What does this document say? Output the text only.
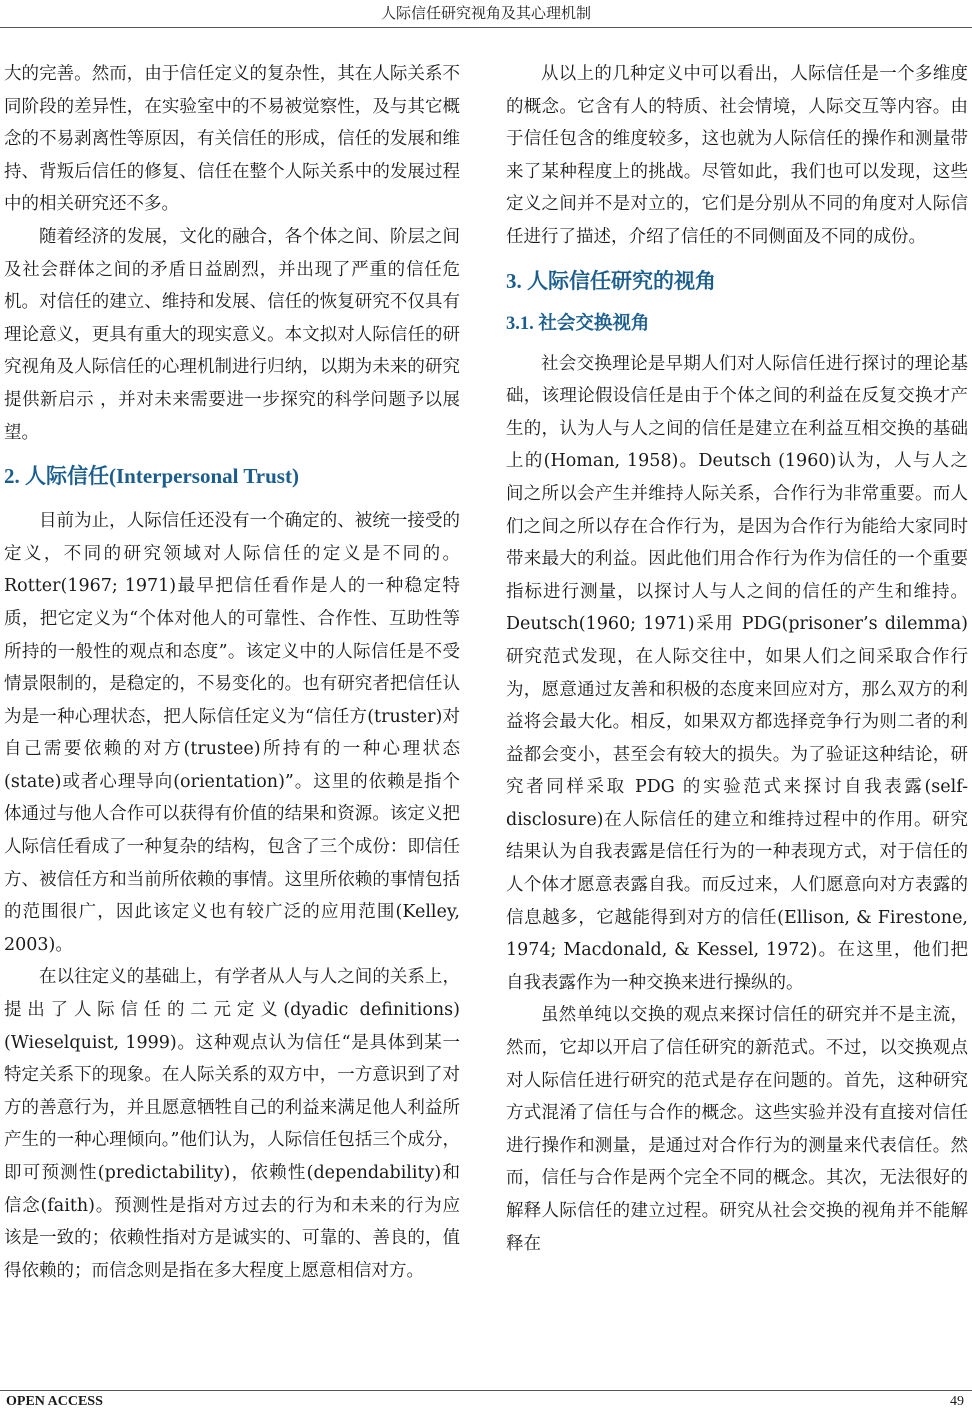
人际信任研究视角及其心理机制

大的完善。然而，由于信任定义的复杂性，其在人际关系不同阶段的差异性，在实验室中的不易被觉察性，及与其它概念的不易剥离性等原因，有关信任的形成，信任的发展和维持、背叛后信任的修复、信任在整个人际关系中的发展过程中的相关研究还不多。

随着经济的发展，文化的融合，各个体之间、阶层之间及社会群体之间的矛盾日益剧烈，并出现了严重的信任危机。对信任的建立、维持和发展、信任的恢复研究不仅具有理论意义，更具有重大的现实意义。本文拟对人际信任的研究视角及人际信任的心理机制进行归纳，以期为未来的研究提供新启示 ，并对未来需要进一步探究的科学问题予以展望。

2. 人际信任(Interpersonal Trust)

目前为止，人际信任还没有一个确定的、被统一接受的定义，不同的研究领域对人际信任的定义是不同的。Rotter(1967; 1971)最早把信任看作是人的一种稳定特质，把它定义为“个体对他人的可靠性、合作性、互助性等所持的一般性的观点和态度”。该定义中的人际信任是不受情景限制的，是稳定的，不易变化的。也有研究者把信任认为是一种心理状态，把人际信任定义为“信任方(truster)对自己需要依赖的对方(trustee)所持有的一种心理状态(state)或者心理导向(orientation)”。这里的依赖是指个体通过与他人合作可以获得有价值的结果和资源。该定义把人际信任看成了一种复杂的结构，包含了三个成份：即信任方、被信任方和当前所依赖的事情。这里所依赖的事情包括的范围很广，因此该定义也有较广泛的应用范围(Kelley, 2003)。

在以往定义的基础上，有学者从人与人之间的关系上，提出了人际信任的二元定义(dyadic definitions) (Wieselquist, 1999)。这种观点认为信任“是具体到某一特定关系下的现象。在人际关系的双方中，一方意识到了对方的善意行为，并且愿意牺牲自己的利益来满足他人利益所产生的一种心理倾向。”他们认为，人际信任包括三个成分，即可预测性(predictability)，依赖性(dependability)和信念(faith)。预测性是指对方过去的行为和未来的行为应该是一致的；依赖性指对方是诚实的、可靠的、善良的，值得依赖的；而信念则是指在多大程度上愿意相信对方。

从以上的几种定义中可以看出，人际信任是一个多维度的概念。它含有人的特质、社会情境，人际交互等内容。由于信任包含的维度较多，这也就为人际信任的操作和测量带来了某种程度上的挑战。尽管如此，我们也可以发现，这些定义之间并不是对立的，它们是分别从不同的角度对人际信任进行了描述，介绍了信任的不同侧面及不同的成份。

3. 人际信任研究的视角
3.1. 社会交换视角

社会交换理论是早期人们对人际信任进行探讨的理论基础，该理论假设信任是由于个体之间的利益在反复交换才产生的，认为人与人之间的信任是建立在利益互相交换的基础上的(Homan, 1958)。Deutsch (1960)认为，人与人之间之所以会产生并维持人际关系，合作行为非常重要。而人们之间之所以存在合作行为，是因为合作行为能给大家同时带来最大的利益。因此他们用合作行为作为信任的一个重要指标进行测量，以探讨人与人之间的信任的产生和维持。Deutsch(1960; 1971)采用 PDG(prisoner’s dilemma)研究范式发现，在人际交往中，如果人们之间采取合作行为，愿意通过友善和积极的态度来回应对方，那么双方的利益将会最大化。相反，如果双方都选择竞争行为则二者的利益都会变小，甚至会有较大的损失。为了验证这种结论，研究者同样采取 PDG 的实验范式来探讨自我表露(self-disclosure)在人际信任的建立和维持过程中的作用。研究结果认为自我表露是信任行为的一种表现方式，对于信任的人个体才愿意表露自我。而反过来，人们愿意向对方表露的信息越多，它越能得到对方的信任(Ellison, & Firestone, 1974; Macdonald, & Kessel, 1972)。在这里，他们把自我表露作为一种交换来进行操纵的。

虽然单纯以交换的观点来探讨信任的研究并不是主流，然而，它却以开启了信任研究的新范式。不过，以交换观点对人际信任进行研究的范式是存在问题的。首先，这种研究方式混淆了信任与合作的概念。这些实验并没有直接对信任进行操作和测量，是通过对合作行为的测量来代表信任。然而，信任与合作是两个完全不同的概念。其次，无法很好的解释人际信任的建立过程。研究从社会交换的视角并不能解释在

OPEN ACCESS	49
